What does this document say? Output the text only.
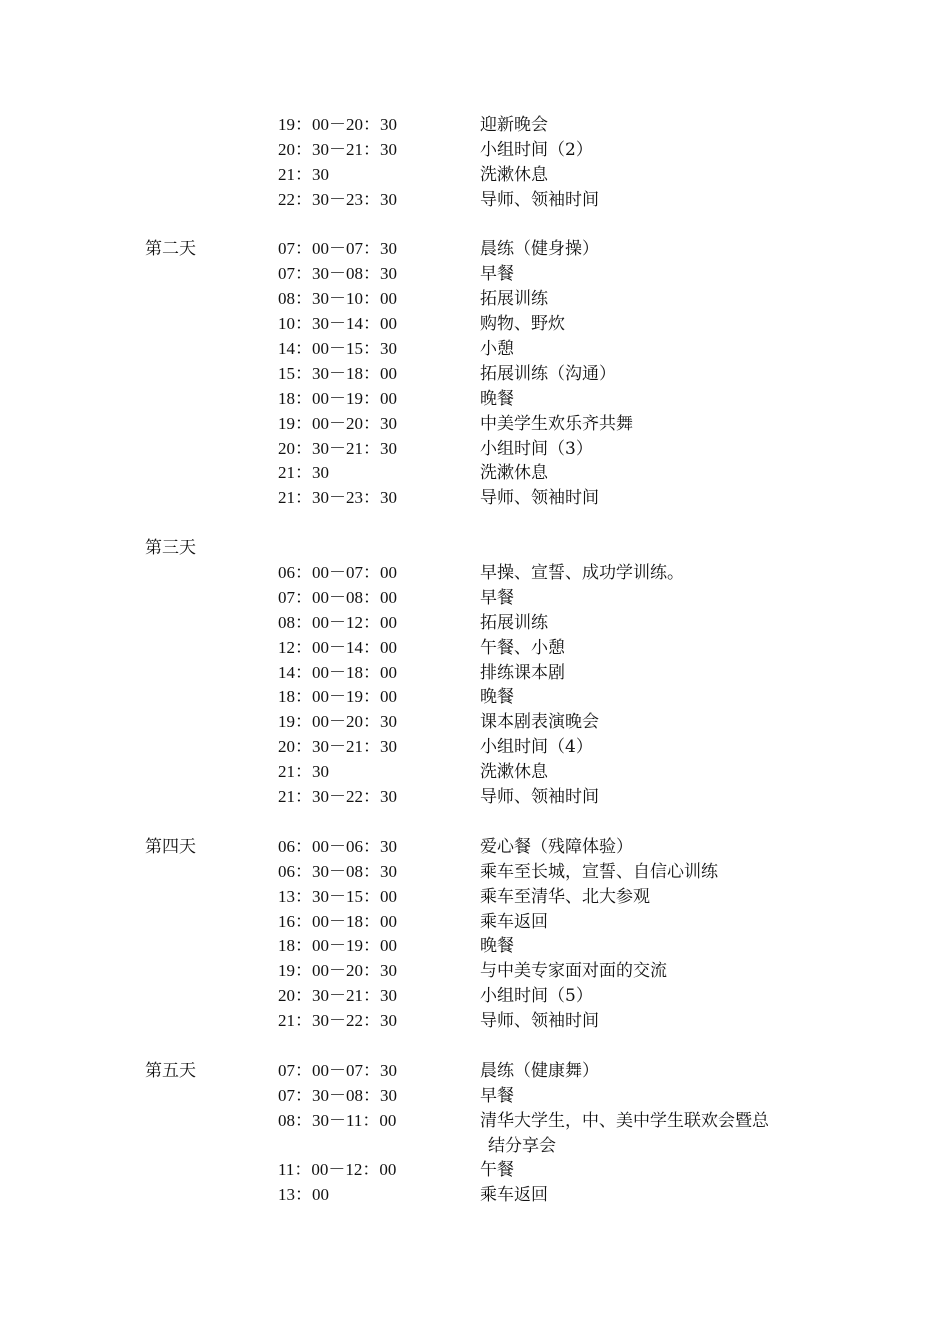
19：00－20：30	迎新晚会
20：30－21：30	小组时间（2）
21：30	洗漱休息
22：30－23：30	导师、领袖时间
第二天	07：00－07：30	晨练（健身操）
07：30－08：30	早餐
08：30－10：00	拓展训练
10：30－14：00	购物、野炊
14：00－15：30	小憩
15：30－18：00	拓展训练（沟通）
18：00－19：00	晚餐
19：00－20：30	中美学生欢乐齐共舞
20：30－21：30	小组时间（3）
21：30	洗漱休息
21：30－23：30	导师、领袖时间
第三天
06：00－07：00	早操、宣誓、成功学训练。
07：00－08：00	早餐
08：00－12：00	拓展训练
12：00－14：00	午餐、小憩
14：00－18：00	排练课本剧
18：00－19：00	晚餐
19：00－20：30	课本剧表演晚会
20：30－21：30	小组时间（4）
21：30	洗漱休息
21：30－22：30	导师、领袖时间
第四天	06：00－06：30	爱心餐（残障体验）
06：30－08：30	乘车至长城，宣誓、自信心训练
13：30－15：00	乘车至清华、北大参观
16：00－18：00	乘车返回
18：00－19：00	晚餐
19：00－20：30	与中美专家面对面的交流
20：30－21：30	小组时间（5）
21：30－22：30	导师、领袖时间
第五天	07：00－07：30	晨练（健康舞）
07：30－08：30	早餐
08：30－11：00	清华大学生，中、美中学生联欢会暨总
结分享会
11：00－12：00	午餐
13：00	乘车返回
